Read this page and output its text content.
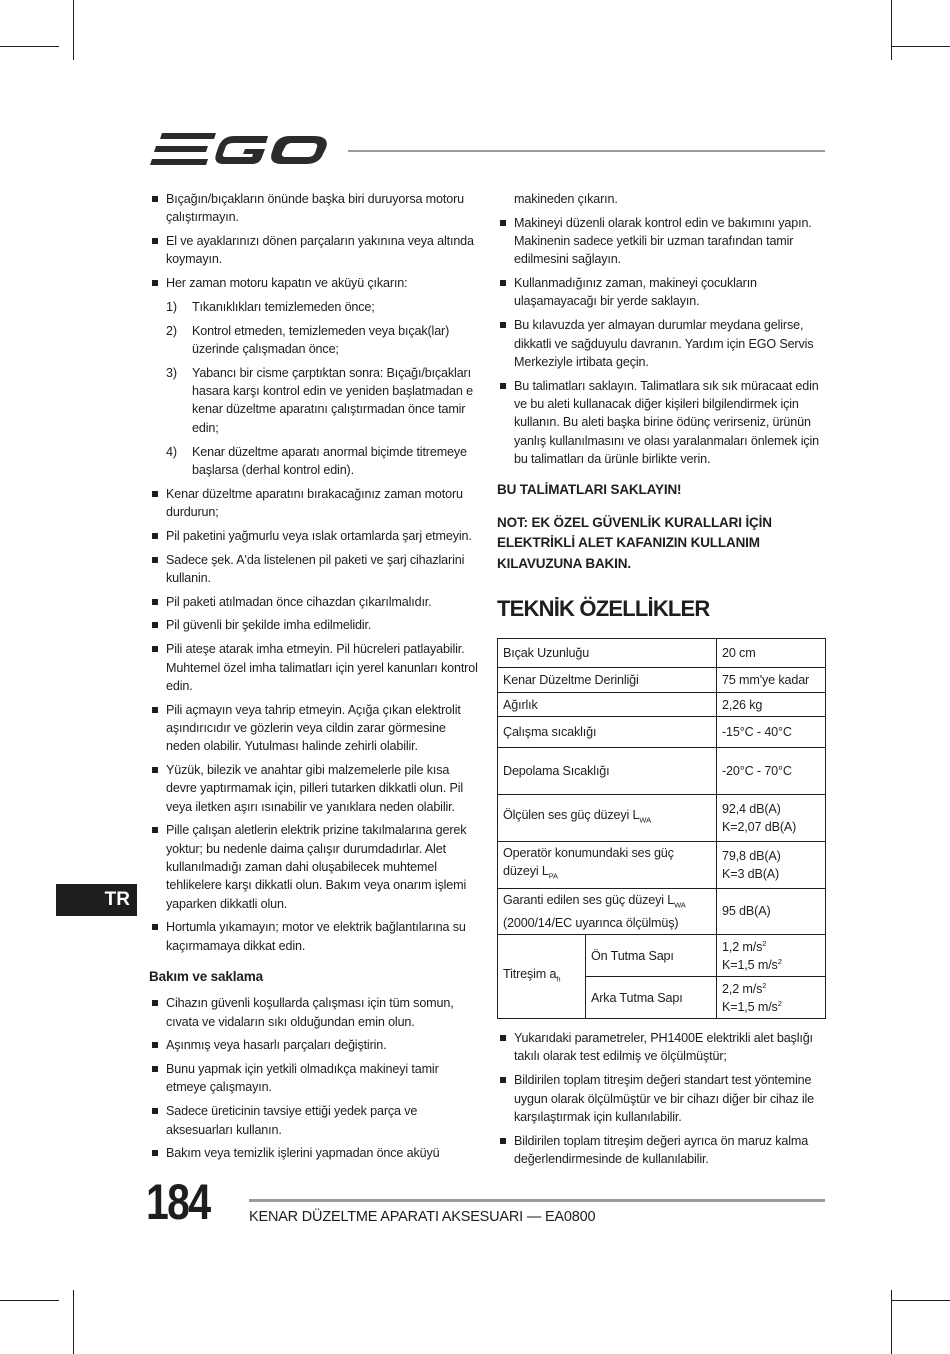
Bıçağın/bıçakların önünde başka biri duruyorsa motoru çalıştırmayın.
El ve ayaklarınızı dönen parçaların yakınına veya altında koymayın.
Her zaman motoru kapatın ve aküyü çıkarın:
1) Tıkanıklıkları temizlemeden önce;
2) Kontrol etmeden, temizlemeden veya bıçak(lar) üzerinde çalışmadan önce;
3) Yabancı bir cisme çarptıktan sonra: Bıçağı/bıçakları hasara karşı kontrol edin ve yeniden başlatmadan e kenar düzeltme aparatını çalıştırmadan önce tamir edin;
4) Kenar düzeltme aparatı anormal biçimde titremeye başlarsa (derhal kontrol edin).
Kenar düzeltme aparatını bırakacağınız zaman motoru durdurun;
Pil paketini yağmurlu veya ıslak ortamlarda şarj etmeyin.
Sadece şek. A'da listelenen pil paketi ve şarj cihazlarini kullanin.
Pil paketi atılmadan önce cihazdan çıkarılmalıdır.
Pil güvenli bir şekilde imha edilmelidir.
Pili ateşe atarak imha etmeyin. Pil hücreleri patlayabilir. Muhtemel özel imha talimatları için yerel kanunları kontrol edin.
Pili açmayın veya tahrip etmeyin. Açığa çıkan elektrolit aşındırıcıdır ve gözlerin veya cildin zarar görmesine neden olabilir. Yutulması halinde zehirli olabilir.
Yüzük, bilezik ve anahtar gibi malzemelerle pile kısa devre yaptırmamak için, pilleri tutarken dikkatli olun. Pil veya iletken aşırı ısınabilir ve yanıklara neden olabilir.
Pille çalışan aletlerin elektrik prizine takılmalarına gerek yoktur; bu nedenle daima çalışır durumdadırlar. Alet kullanılmadığı zaman dahi oluşabilecek muhtemel tehlikelere karşı dikkatli olun. Bakım veya onarım işlemi yaparken dikkatli olun.
Hortumla yıkamayın; motor ve elektrik bağlantılarına su kaçırmamaya dikkat edin.
Bakım ve saklama
Cihazın güvenli koşullarda çalışması için tüm somun, cıvata ve vidaların sıkı olduğundan emin olun.
Aşınmış veya hasarlı parçaları değiştirin.
Bunu yapmak için yetkili olmadıkça makineyi tamir etmeye çalışmayın.
Sadece üreticinin tavsiye ettiği yedek parça ve aksesuarları kullanın.
Bakım veya temizlik işlerini yapmadan önce aküyü
makineden çıkarın.
Makineyi düzenli olarak kontrol edin ve bakımını yapın. Makinenin sadece yetkili bir uzman tarafından tamir edilmesini sağlayın.
Kullanmadığınız zaman, makineyi çocukların ulaşamayacağı bir yerde saklayın.
Bu kılavuzda yer almayan durumlar meydana gelirse, dikkatli ve sağduyulu davranın. Yardım için EGO Servis Merkeziyle irtibata geçin.
Bu talimatları saklayın. Talimatlara sık sık müracaat edin ve bu aleti kullanacak diğer kişileri bilgilendirmek için kullanın. Bu aleti başka birine ödünç verirseniz, ürünün yanlış kullanılmasını ve olası yaralanmaları önlemek için bu talimatları da ürünle birlikte verin.
BU TALİMATLARI SAKLAYIN!
NOT: EK ÖZEL GÜVENLİK KURALLARI İÇİN ELEKTRİKLİ ALET KAFANIZIN KULLANIM KILAVUZUNA BAKIN.
TEKNİK ÖZELLİKLER
Bıçak Uzunluğu		20 cm
Kenar Düzeltme Derinliği		75 mm'ye kadar
Ağırlık		2,26 kg
Çalışma sıcaklığı		-15°C - 40°C
Depolama Sıcaklığı		-20°C - 70°C
Ölçülen ses güç düzeyi $L_{WA}$		92,4 dB(A)
K=2,07 dB(A)

Operatör konumundaki ses güç düzeyi $L_{PA}$		79,8 dB(A)
K=3 dB(A)

Garanti edilen ses güç düzeyi $L_{WA}$
(2000/14/EC uyarınca ölçülmüş)		95 dB(A)
Titreşim $a_h$	Ön Tutma Sapı	1,2 $m/s^2$
K=1,5 $m/s^2$

	Arka Tutma Sapı	2,2 $m/s^2$
K=1,5 $m/s^2$
Yukarıdaki parametreler, PH1400E elektrikli alet başlığı takılı olarak test edilmiş ve ölçülmüştür;
Bildirilen toplam titreşim değeri standart test yöntemine uygun olarak ölçülmüştür ve bir cihazı diğer bir cihaz ile karşılaştırmak için kullanılabilir.
Bildirilen toplam titreşim değeri ayrıca ön maruz kalma değerlendirmesinde de kullanılabilir.
TR
184	KENAR DÜZELTME APARATI AKSESUARI — EA0800
